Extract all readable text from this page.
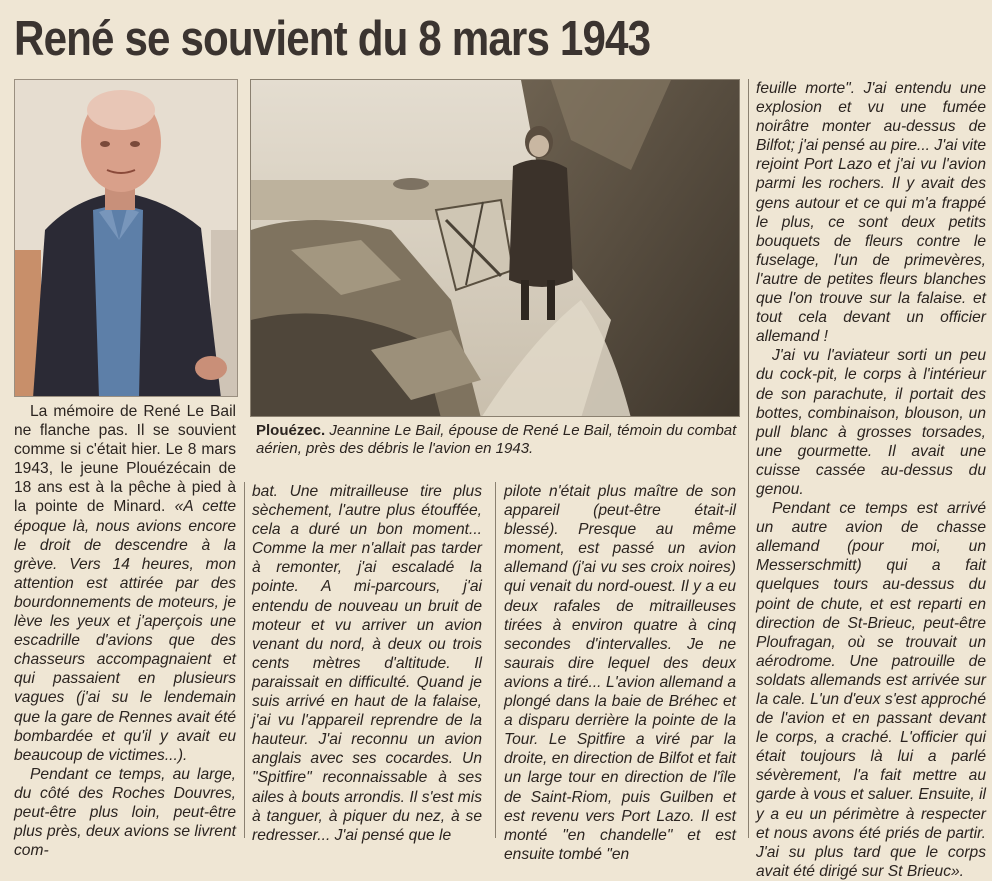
René se souvient du 8 mars 1943
Plouézec. Jeannine Le Bail, épouse de René Le Bail, témoin du combat aérien, près des débris le l'avion en 1943.

La mémoire de René Le Bail ne flanche pas. Il se souvient comme si c'était hier. Le 8 mars 1943, le jeune Plouézécain de 18 ans est à la pêche à pied à la pointe de Minard. «A cette époque là, nous avions encore le droit de descendre à la grève. Vers 14 heures, mon attention est attirée par des bourdonnements de moteurs, je lève les yeux et j'aperçois une escadrille d'avions que des chasseurs accompagnaient et qui passaient en plusieurs vagues (j'ai su le lendemain que la gare de Rennes avait été bombardée et qu'il y avait eu beaucoup de victimes...).

Pendant ce temps, au large, du côté des Roches Douvres, peut-être plus loin, peut-être plus près, deux avions se livrent com-

bat. Une mitrailleuse tire plus sèchement, l'autre plus étouffée, cela a duré un bon moment... Comme la mer n'allait pas tarder à remonter, j'ai escaladé la pointe. A mi-parcours, j'ai entendu de nouveau un bruit de moteur et vu arriver un avion venant du nord, à deux ou trois cents mètres d'altitude. Il paraissait en difficulté. Quand je suis arrivé en haut de la falaise, j'ai vu l'appareil reprendre de la hauteur. J'ai reconnu un avion anglais avec ses cocardes. Un "Spitfire" reconnaissable à ses ailes à bouts arrondis. Il s'est mis à tanguer, à piquer du nez, à se redresser... J'ai pensé que le

pilote n'était plus maître de son appareil (peut-être était-il blessé). Presque au même moment, est passé un avion allemand (j'ai vu ses croix noires) qui venait du nord-ouest. Il y a eu deux rafales de mitrailleuses tirées à environ quatre à cinq secondes d'intervalles. Je ne saurais dire lequel des deux avions a tiré... L'avion allemand a plongé dans la baie de Bréhec et a disparu derrière la pointe de la Tour. Le Spitfire a viré par la droite, en direction de Bilfot et fait un large tour en direction de l'île de Saint-Riom, puis Guilben et est revenu vers Port Lazo. Il est monté "en chandelle" et est ensuite tombé "en

feuille morte". J'ai entendu une explosion et vu une fumée noirâtre monter au-dessus de Bilfot; j'ai pensé au pire... J'ai vite rejoint Port Lazo et j'ai vu l'avion parmi les rochers. Il y avait des gens autour et ce qui m'a frappé le plus, ce sont deux petits bouquets de fleurs contre le fuselage, l'un de primevères, l'autre de petites fleurs blanches que l'on trouve sur la falaise. et tout cela devant un officier allemand !

J'ai vu l'aviateur sorti un peu du cock-pit, le corps à l'intérieur de son parachute, il portait des bottes, combinaison, blouson, un pull blanc à grosses torsades, une gourmette. Il avait une cuisse cassée au-dessus du genou.

Pendant ce temps est arrivé un autre avion de chasse allemand (pour moi, un Messerschmitt) qui a fait quelques tours au-dessus du point de chute, et est reparti en direction de St-Brieuc, peut-être Ploufragan, où se trouvait un aérodrome. Une patrouille de soldats allemands est arrivée sur la cale. L'un d'eux s'est approché de l'avion et en passant devant le corps, a craché. L'officier qui était toujours là lui a parlé sévèrement, l'a fait mettre au garde à vous et saluer. Ensuite, il y a eu un périmètre à respecter et nous avons été priés de partir. J'ai su plus tard que le corps avait été dirigé sur St Brieuc».
